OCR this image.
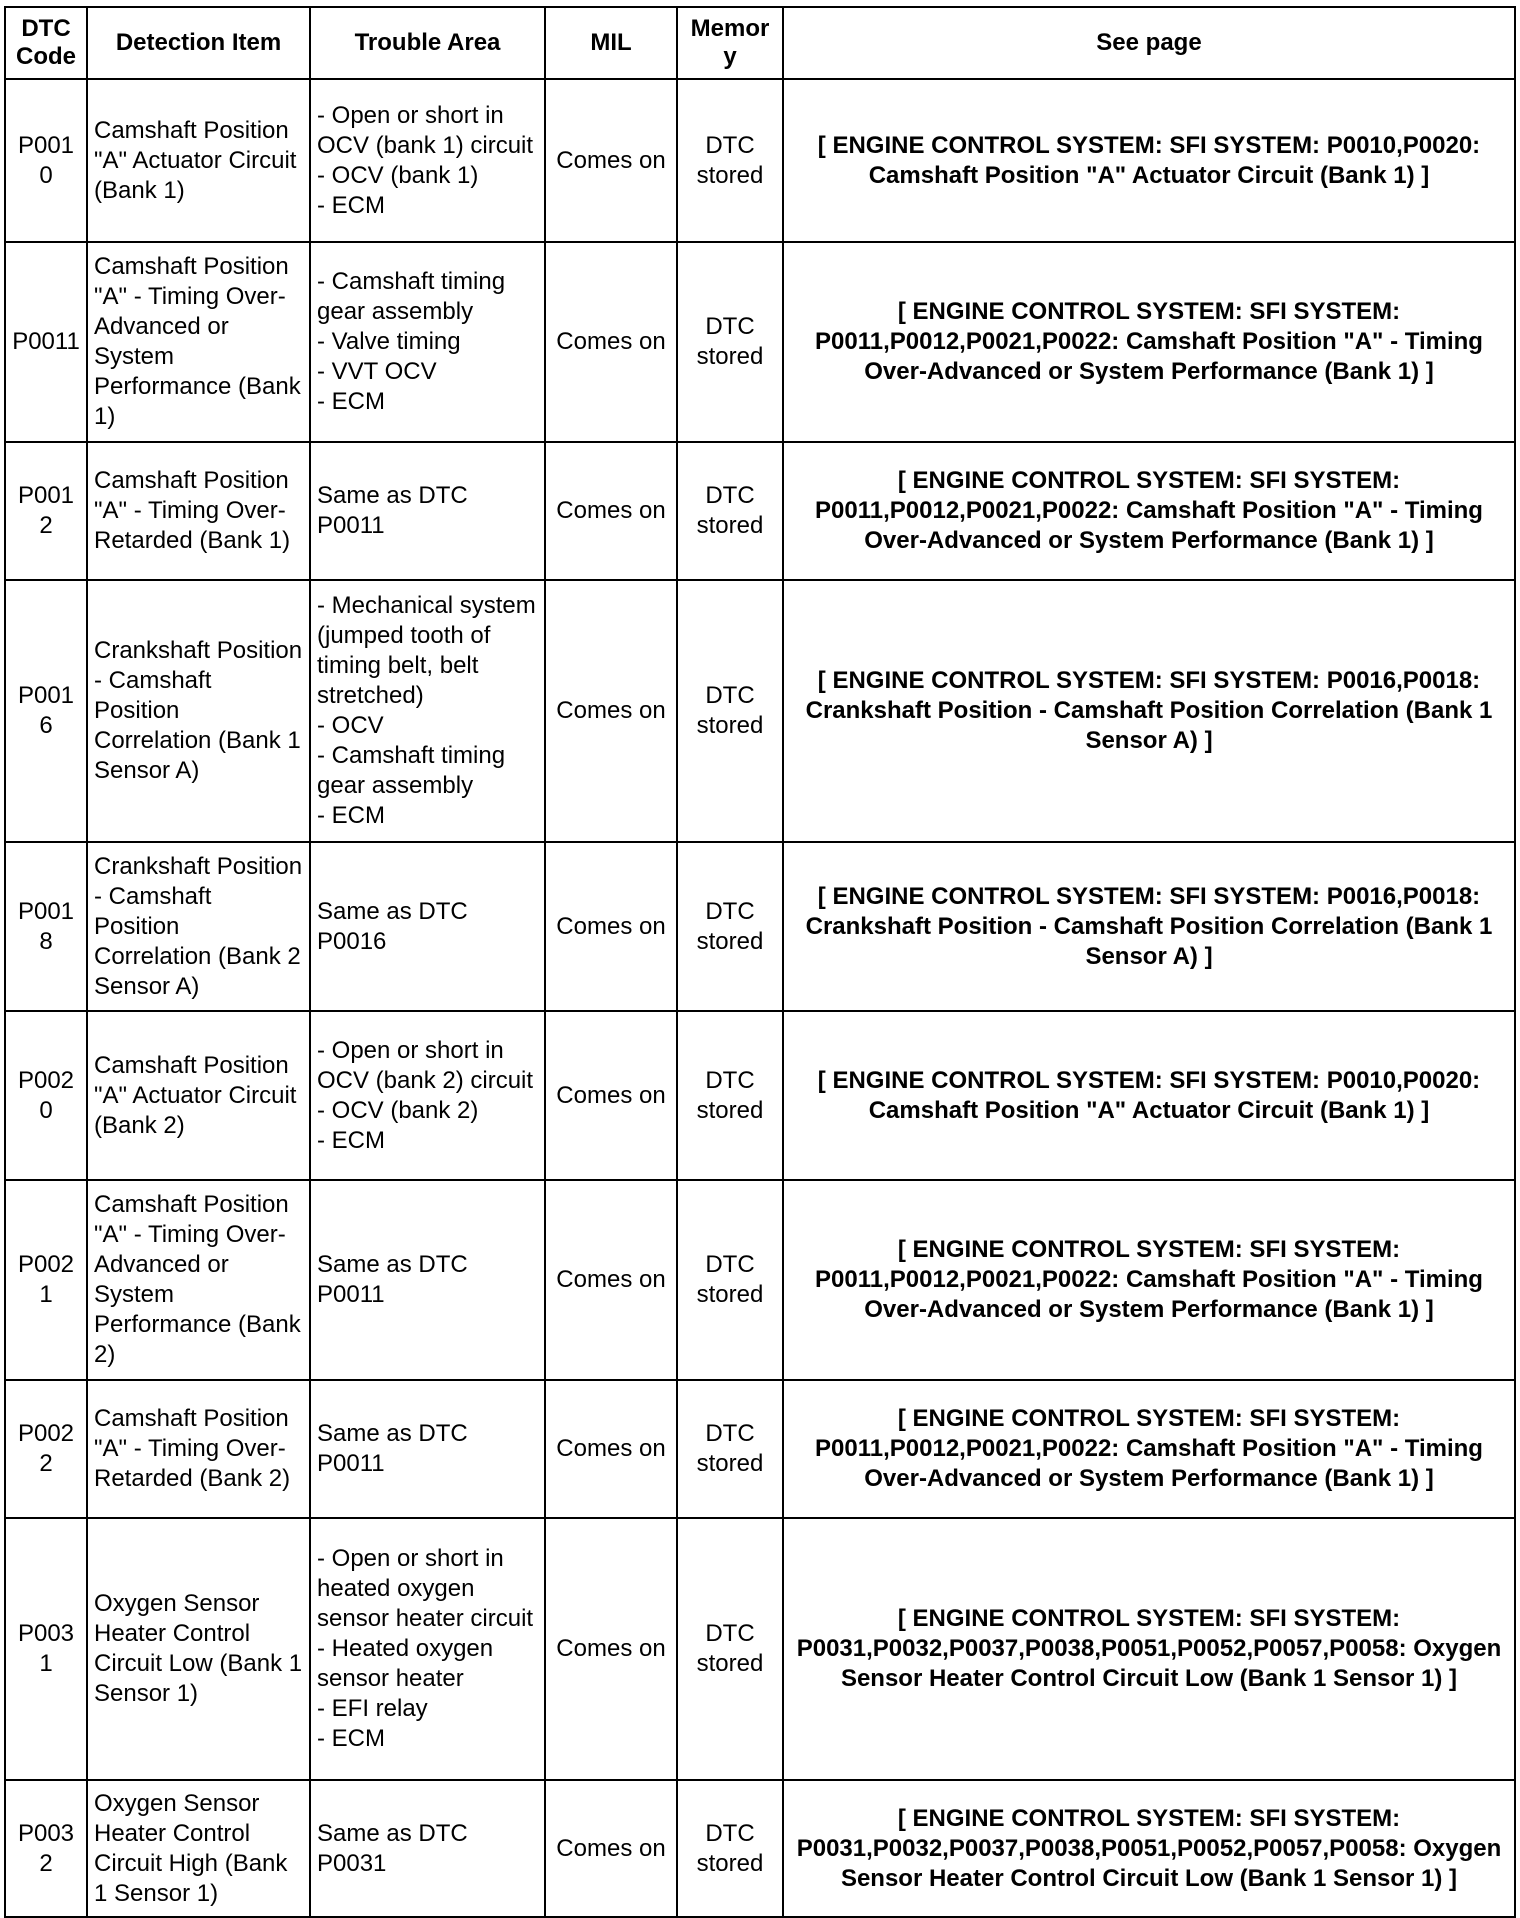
DTC Code	Detection Item	Trouble Area	MIL	Memory	See page
P0010	Camshaft Position "A" Actuator Circuit (Bank 1)	- Open or short in OCV (bank 1) circuit
- OCV (bank 1)
- ECM	Comes on	DTC stored	[ ENGINE CONTROL SYSTEM: SFI SYSTEM: P0010,P0020: Camshaft Position "A" Actuator Circuit (Bank 1) ]
P0011	Camshaft Position "A" - Timing Over-Advanced or System Performance (Bank 1)	- Camshaft timing gear assembly
- Valve timing
- VVT OCV
- ECM	Comes on	DTC stored	[ ENGINE CONTROL SYSTEM: SFI SYSTEM: P0011,P0012,P0021,P0022: Camshaft Position "A" - Timing Over-Advanced or System Performance (Bank 1) ]
P0012	Camshaft Position "A" - Timing Over-Retarded (Bank 1)	Same as DTC P0011	Comes on	DTC stored	[ ENGINE CONTROL SYSTEM: SFI SYSTEM: P0011,P0012,P0021,P0022: Camshaft Position "A" - Timing Over-Advanced or System Performance (Bank 1) ]
P0016	Crankshaft Position - Camshaft Position Correlation (Bank 1 Sensor A)	- Mechanical system (jumped tooth of timing belt, belt stretched)
- OCV
- Camshaft timing gear assembly
- ECM	Comes on	DTC stored	[ ENGINE CONTROL SYSTEM: SFI SYSTEM: P0016,P0018: Crankshaft Position - Camshaft Position Correlation (Bank 1 Sensor A) ]
P0018	Crankshaft Position - Camshaft Position Correlation (Bank 2 Sensor A)	Same as DTC P0016	Comes on	DTC stored	[ ENGINE CONTROL SYSTEM: SFI SYSTEM: P0016,P0018: Crankshaft Position - Camshaft Position Correlation (Bank 1 Sensor A) ]
P0020	Camshaft Position "A" Actuator Circuit (Bank 2)	- Open or short in OCV (bank 2) circuit
- OCV (bank 2)
- ECM	Comes on	DTC stored	[ ENGINE CONTROL SYSTEM: SFI SYSTEM: P0010,P0020: Camshaft Position "A" Actuator Circuit (Bank 1) ]
P0021	Camshaft Position "A" - Timing Over-Advanced or System Performance (Bank 2)	Same as DTC P0011	Comes on	DTC stored	[ ENGINE CONTROL SYSTEM: SFI SYSTEM: P0011,P0012,P0021,P0022: Camshaft Position "A" - Timing Over-Advanced or System Performance (Bank 1) ]
P0022	Camshaft Position "A" - Timing Over-Retarded (Bank 2)	Same as DTC P0011	Comes on	DTC stored	[ ENGINE CONTROL SYSTEM: SFI SYSTEM: P0011,P0012,P0021,P0022: Camshaft Position "A" - Timing Over-Advanced or System Performance (Bank 1) ]
P0031	Oxygen Sensor Heater Control Circuit Low (Bank 1 Sensor 1)	- Open or short in heated oxygen sensor heater circuit
- Heated oxygen sensor heater
- EFI relay
- ECM	Comes on	DTC stored	[ ENGINE CONTROL SYSTEM: SFI SYSTEM: P0031,P0032,P0037,P0038,P0051,P0052,P0057,P0058: Oxygen Sensor Heater Control Circuit Low (Bank 1 Sensor 1) ]
P0032	Oxygen Sensor Heater Control Circuit High (Bank 1 Sensor 1)	Same as DTC P0031	Comes on	DTC stored	[ ENGINE CONTROL SYSTEM: SFI SYSTEM: P0031,P0032,P0037,P0038,P0051,P0052,P0057,P0058: Oxygen Sensor Heater Control Circuit Low (Bank 1 Sensor 1) ]
